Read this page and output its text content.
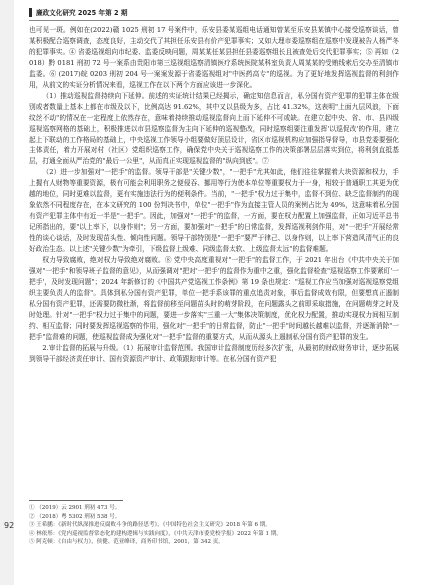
廉政文化研究 2025 年第 2 期

也可见一斑。例如在(2022)赣 1025 刑初 17 号案件中，乐安县委某巡组电话通知曾某至乐安县某镇中心接受巡察谈话，曾某积极配合巡察调查，态度良好，主动交代了其担任乐安县有价产犯罪事实；又如大理市委巡察组在巡察中发现被告人杨严冬的犯罪事实。④ 省委巡视组向市纪委、监委反映问题，周某某任某县担任县委巡察组长且被查处后交代犯罪事实；⑤ 再如（2018）黔 0181 刑初 72 号一案系由贵阳市第三巡视组巡察清镇医疗系统医院某科室负责人周某某的受贿线索后交办至清镇市监委。⑥ (2017)皖 0203 刑初 204 号一案案发源于省委巡视组对"中医药高专"的巡视。为了更好地发挥巡视监督的利剑作用，从前文的实证分析情况来看，巡视工作在以下两个方面应该进一步深化。

（1）推动巡视监督持续向下延伸。前述的实证统计结果已经揭示，确定知信息而言，私分国有资产犯罪的犯罪主体在级别或者数量上基本上都在市级及以下，比例高达 91.62%，其中又以县级为多，占比 41.32%，这表明"上面九层风浪，下面纹丝不动"的情况在一定程度上依然存在，意味着持续推动巡视监督向上而下延伸不可或缺。在建立起中央、省、市、县四级巡视巡察网格的基础上，积极推进以市县巡察监督为主向下延伸的巡视整改，同时巡察组要注重发挥'以巡促改'的作用，建立起上下联动的工作格局的基础上，中央巡视工作领导小组要做好顶层设计，省区市巡视机构应加强指导督导，市县党委要强化主体责任，着力开展对村（社区）党组织巡察工作，确保党中央关于巡视巡察工作的决策部署层层落实到位，将利剑直抵基层，打通全面从严治党的"最后一公里"，从而真正实现巡视监督的"纵向到底"。⑦

（2）进一步加强对"一把手"的监督。领导干部是"关键少数"，"一把手"尤其如此，他们往往掌握着大块资源和权力，手上握有人财物等重要资源，极有可能会利用职务之便侵吞、挪用等行为使本单位等重要权力于一身，相较于普通职工其更为优越的地位，同时更难以监督，更有实施违法行为的便利条件。当前，"一把手"权力过于集中，监督不到位、缺乏监督制约的现象依然不同程度存在，在本文研究的 100 份判决书中，单位"一把手"作为直接主管人员的案例占比为 49%，这意味着私分国有资产犯罪主体中有近一半是"一把手"。因此，加强对"一把手"的监督，一方面，要在权力配置上加强监督，正如习近平总书记所指出的，要"以上率下，以身作则"；另一方面，要加强对"一把手"的日常监督，发挥巡视利剑作用，对"一把手"开展经常性的谈心谈话，及时发现苗头性、倾向性问题。领导干部特别是"一把手"要严于律己、以身作则，以上率下营造风清气正的良好政治生态。以上述"关键少数"为牵引，下级监督上级难、同级监督太软、上级监督太远"的监督难题。

权力导致腐败，绝对权力导致绝对腐败。⑧ 党中央高度重视对"一把手"的监督工作，于 2021 年出台《中共中央关于加强对"一把手"和领导班子监督的意见》，从而强调对"把对'一把手'的监督作为重中之重，强化监督检查"巡视巡察工作要紧盯'一把手'，及时发现问题"；2024 年新修订的《中国共产党巡视工作条例》第 19 条也规定："巡视工作应当加强对巡视巡察党组织主要负责人的监督"。具体到私分国有资产犯罪，单位一把手系该罪的重点追责对象，事后监督成效有限，但要想真正遏制私分国有资产犯罪，还需要防微杜渐，将监督前移至问题苗头时的萌芽阶段，在问题露头之前即采取措施，在问题萌芽之时及时处理。针对"一把手"权力过于集中的问题，要进一步落实"三重一大"集体决策制度，优化权力配置，推动实现权力间相互制约、相互监督；同时要发挥巡视巡察的作用，强化对"一把手"的日常监督，防止"一把手"时间越长越难以监督，并逐渐消除"一把手"监督难的问题，使巡视监督成为强化对"一把手"监督的重要方式，从而从源头上遏制私分国有资产犯罪的发生。

2.审计监督的拓展与升级。（1）拓展审计监督范围。我国审计监督制度历经多次扩张，从最初的财政财务审计，逐步拓展到领导干部经济责任审计、国有资源资产审计、政策跟踪审计等。在私分国有资产犯

① （2019）云 2901 刑初 473 号。

② （2018）粤 5302 刑初 538 号。

③ 王希鹏：《新时代纵深推进反腐败斗争的路径思考》，《中国特色社会主义研究》2018 年第 6 期。

④ 林依彤：《党内巡视监督常态化的建构逻辑与实践向度》，《中共天津市委党校学报》2022 年第 1 期。

⑤ 阿克顿：《自由与权力》，侯健、范亚峰译，商务印书馆，2001，第 342 页。

92
